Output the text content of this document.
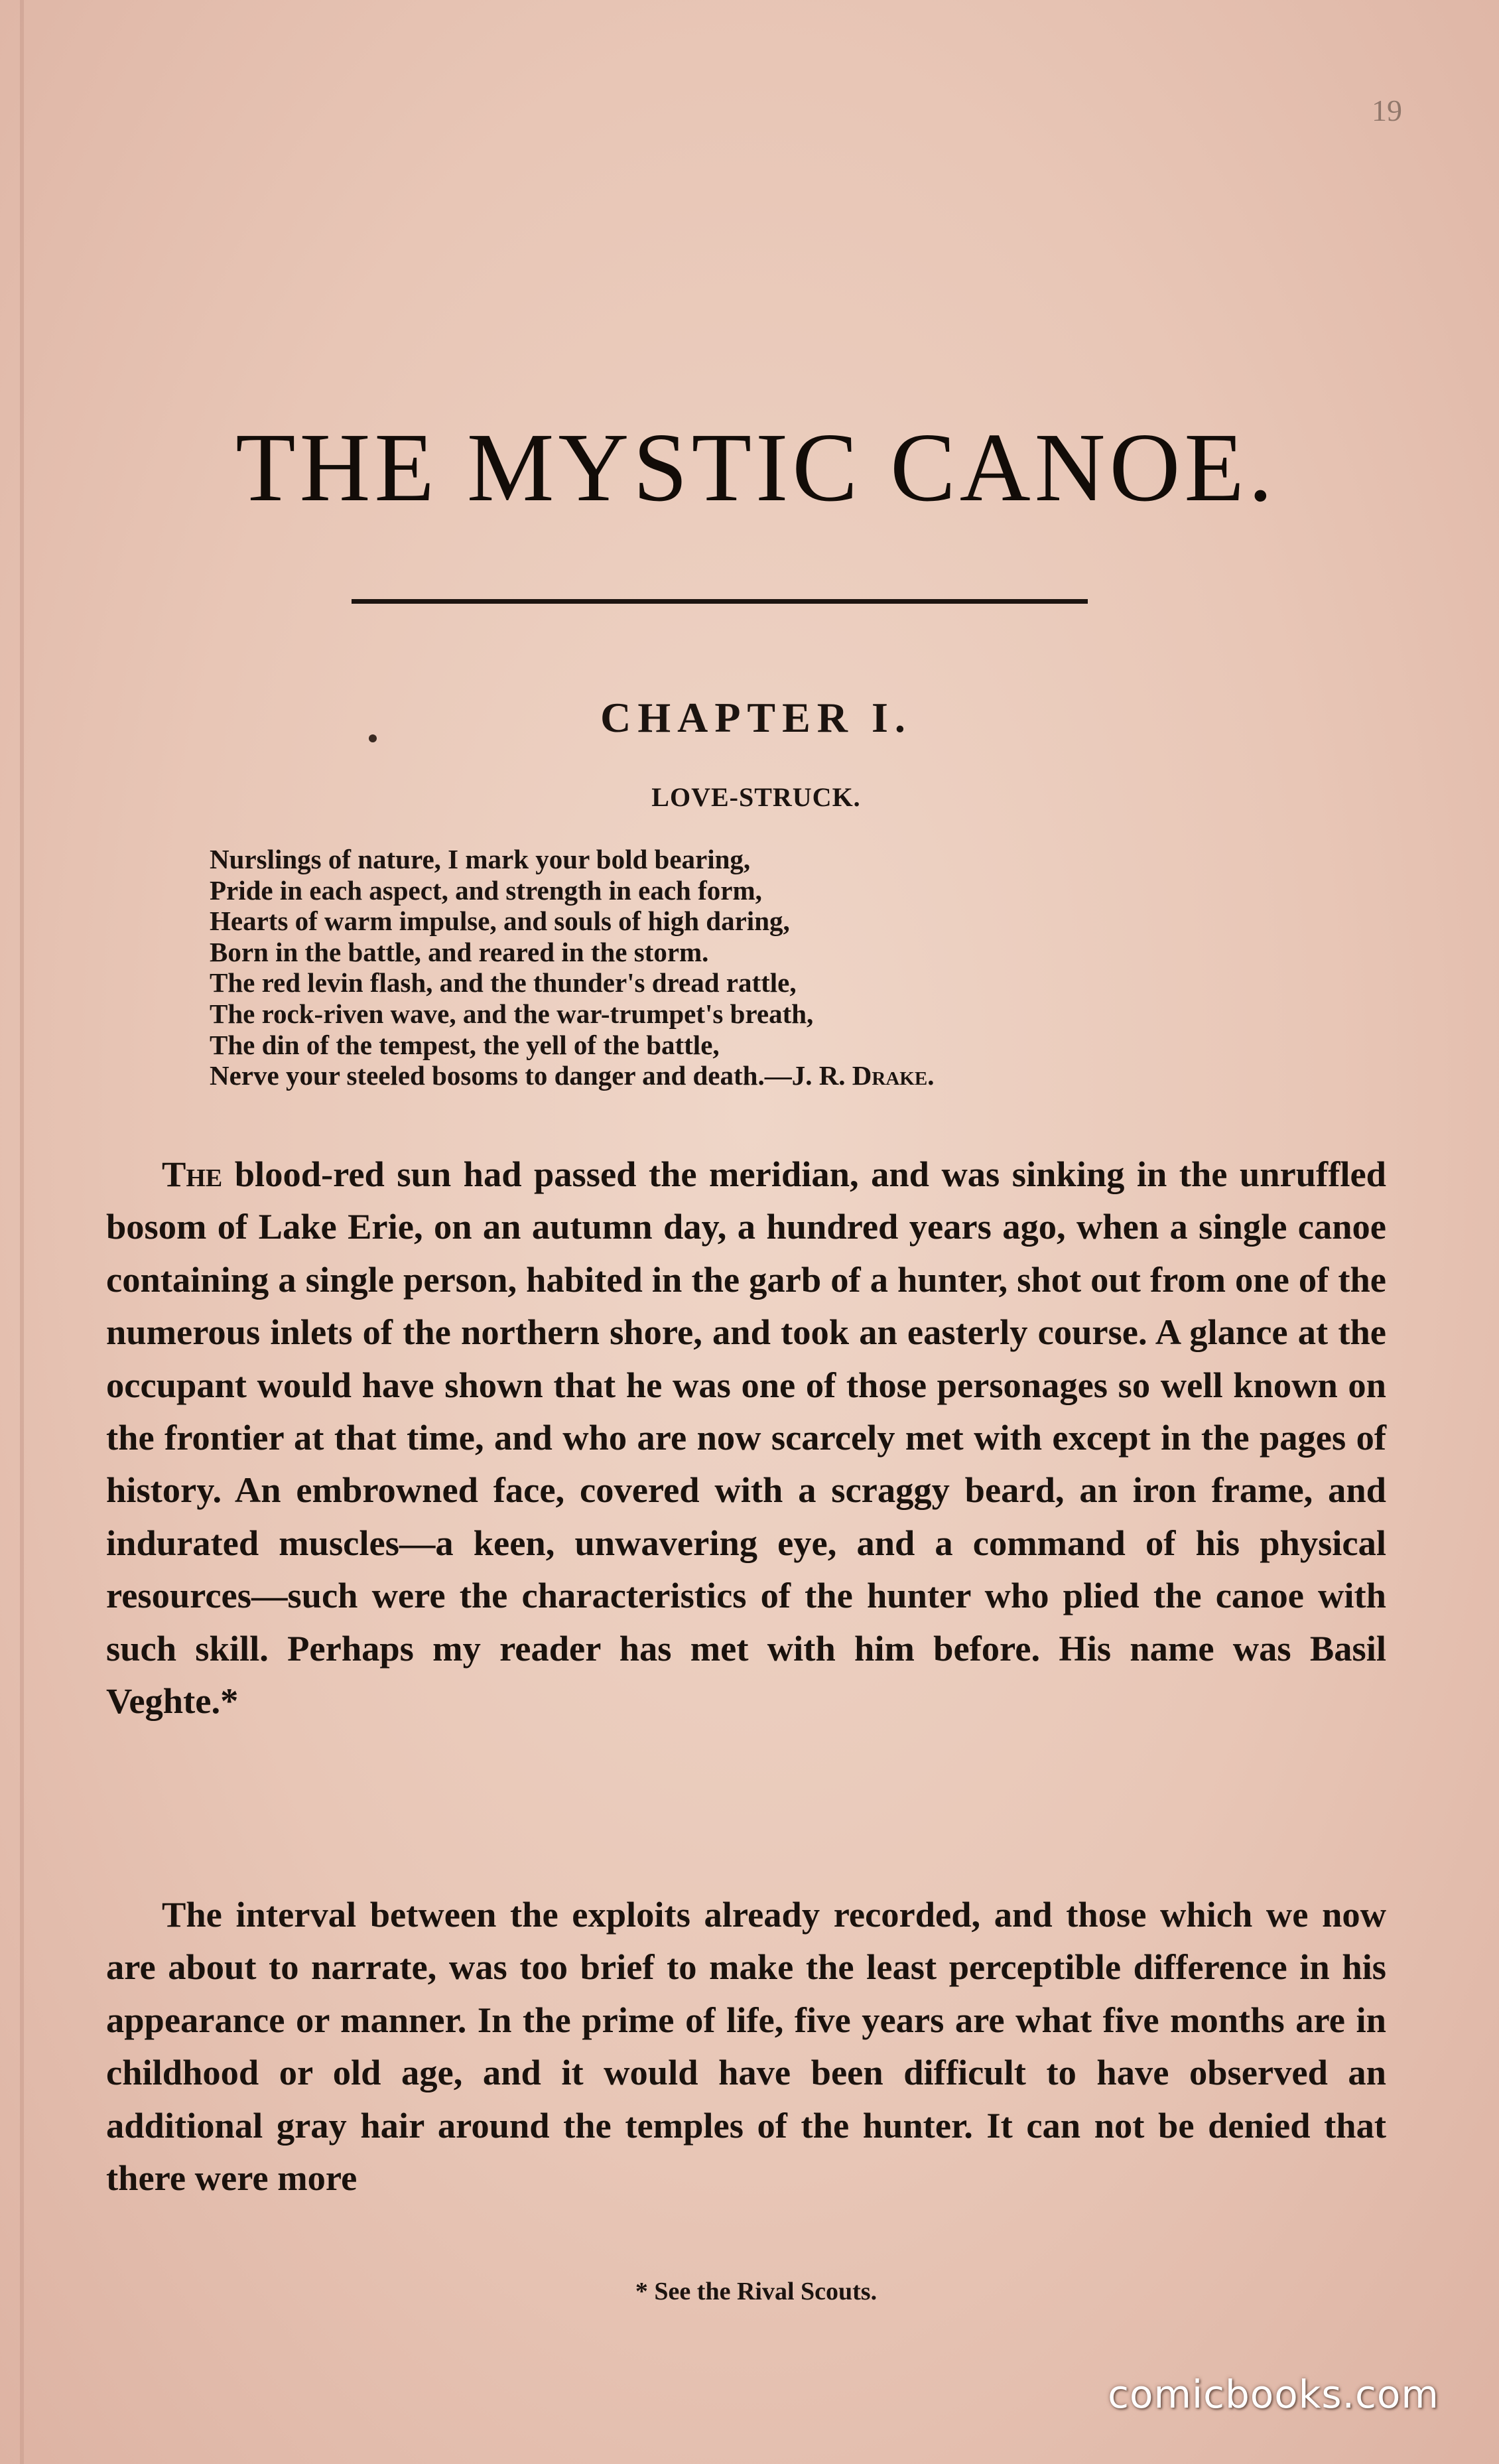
19
THE MYSTIC CANOE.
CHAPTER I.
LOVE-STRUCK.
Nurslings of nature, I mark your bold bearing,
Pride in each aspect, and strength in each form,
Hearts of warm impulse, and souls of high daring,
Born in the battle, and reared in the storm.
The red levin flash, and the thunder's dread rattle,
The rock-riven wave, and the war-trumpet's breath,
The din of the tempest, the yell of the battle,
Nerve your steeled bosoms to danger and death.—J. R. Drake.
The blood-red sun had passed the meridian, and was sinking in the unruffled bosom of Lake Erie, on an autumn day, a hundred years ago, when a single canoe containing a single person, habited in the garb of a hunter, shot out from one of the numerous inlets of the northern shore, and took an easterly course. A glance at the occupant would have shown that he was one of those personages so well known on the frontier at that time, and who are now scarcely met with except in the pages of history. An embrowned face, covered with a scraggy beard, an iron frame, and indurated muscles—a keen, unwavering eye, and a command of his physical resources—such were the characteristics of the hunter who plied the canoe with such skill. Perhaps my reader has met with him before. His name was Basil Veghte.*
The interval between the exploits already recorded, and those which we now are about to narrate, was too brief to make the least perceptible difference in his appearance or manner. In the prime of life, five years are what five months are in childhood or old age, and it would have been difficult to have observed an additional gray hair around the temples of the hunter. It can not be denied that there were more
* See the Rival Scouts.
comicbooks.com
